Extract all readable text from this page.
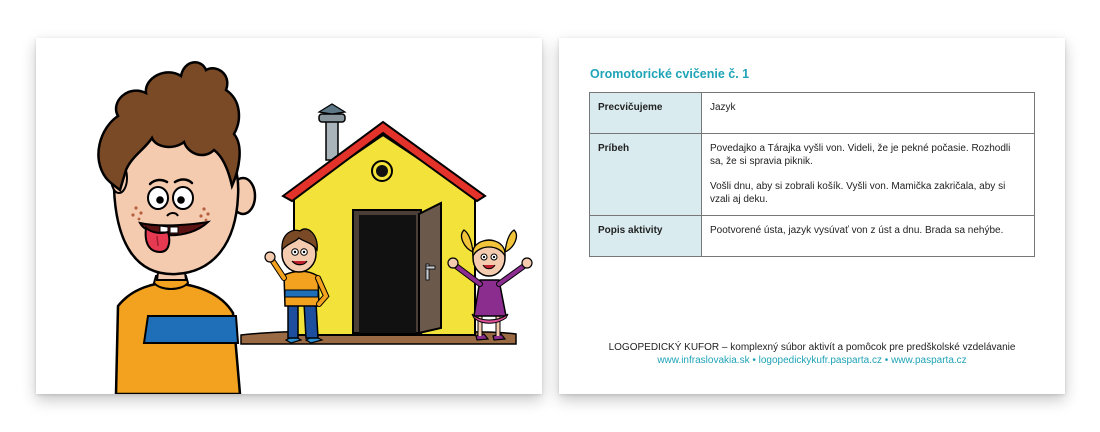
Oromotorické cvičenie č. 1
Precvičujeme	Jazyk

Príbeh	Povedajko a Tárajka vyšli von. Videli, že je pekné počasie. Rozhodli sa, že si spravia piknik.

Vošli dnu, aby si zobrali košík. Vyšli von. Mamička zakričala, aby si vzali aj deku.

Popis aktivity	Pootvorené ústa, jazyk vysúvať von z úst a dnu. Brada sa nehýbe.

LOGOPEDICKÝ KUFOR – komplexný súbor aktivít a pomôcok pre predškolské vzdelávanie
www.infraslovakia.sk • logopedickykufr.pasparta.cz • www.pasparta.cz
